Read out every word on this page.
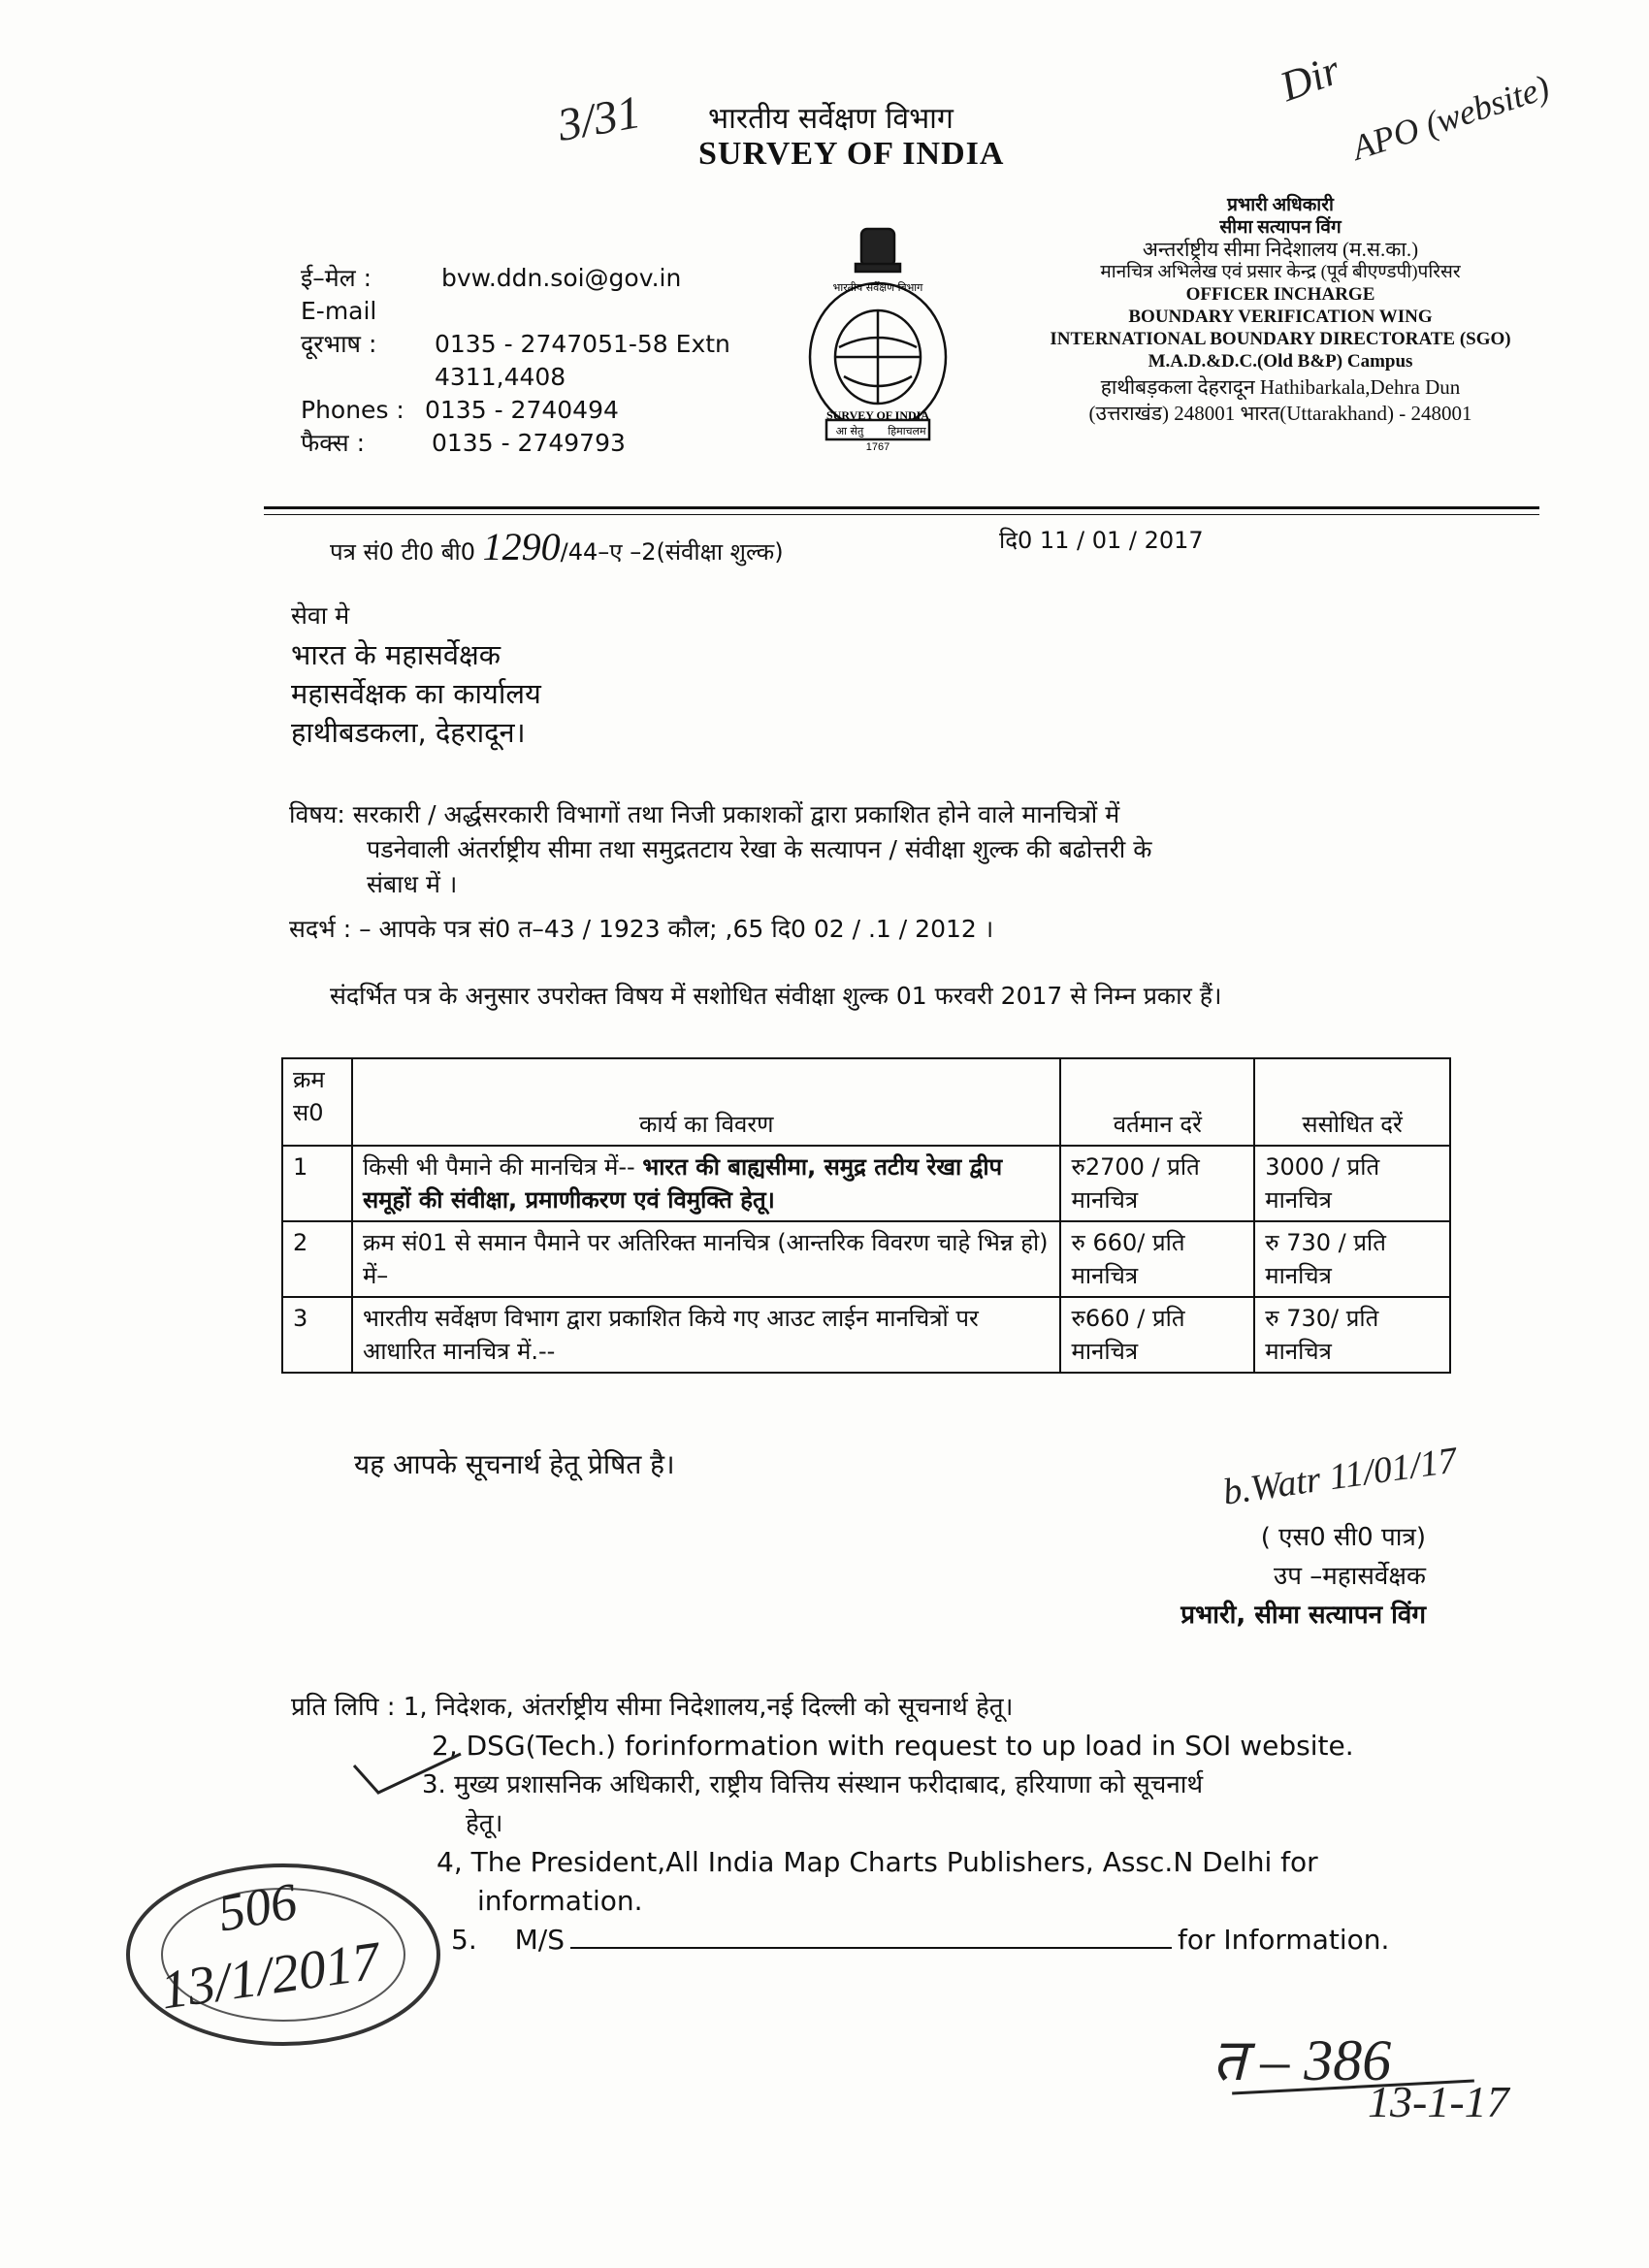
भारतीय सर्वेक्षण विभाग
SURVEY OF INDIA
भारतीय सर्वेक्षण विभाग
SURVEY OF INDIA
आ सेतु हिमाचलम
1767
ई–मेल :	bvw.ddn.soi@gov.in
E-mail
दूरभाष : 0135 - 2747051-58 Extn
4311,4408
Phones : 0135 - 2740494
फैक्स :	0135 - 2749793
प्रभारी अधिकारी
सीमा सत्यापन विंग
अन्तर्राष्ट्रीय सीमा निदेशालय (म.स.का.)
मानचित्र अभिलेख एवं प्रसार केन्द्र (पूर्व बीएण्डपी)परिसर
OFFICER INCHARGE
BOUNDARY VERIFICATION WING
INTERNATIONAL BOUNDARY DIRECTORATE (SGO)
M.A.D.&D.C.(Old B&P) Campus
हाथीबड़कला देहरादून Hathibarkala,Dehra Dun
(उत्तराखंड) 248001 भारत(Uttarakhand) - 248001
पत्र सं0 टी0 बी0 1290/44–ए –2(संवीक्षा शुल्क)	दि0 11 / 01 / 2017
सेवा मे
भारत के महासर्वेक्षक
महासर्वेक्षक का कार्यालय
हाथीबडकला, देहरादून।
विषय: सरकारी / अर्द्धसरकारी विभागों तथा निजी प्रकाशकों द्वारा प्रकाशित होने वाले मानचित्रों में
पडनेवाली अंतर्राष्ट्रीय सीमा तथा समुद्रतटाय रेखा के सत्यापन / संवीक्षा शुल्क की बढोत्तरी के
संबाध में ।
सदर्भ : – आपके पत्र सं0 त–43 / 1923 कौल; ,65 दि0 02 / .1 / 2012 ।
संदर्भित पत्र के अनुसार उपरोक्त विषय में सशोधित संवीक्षा शुल्क 01 फरवरी 2017 से निम्न प्रकार हैं।
क्रम स0	कार्य का विवरण	वर्तमान दरें	ससोधित दरें
1	किसी भी पैमाने की मानचित्र में-- भारत की बाह्यसीमा, समुद्र तटीय रेखा द्वीप समूहों की संवीक्षा, प्रमाणीकरण एवं विमुक्ति हेतू।	रु2700 / प्रति मानचित्र	3000 / प्रति मानचित्र
2	क्रम सं01 से समान पैमाने पर अतिरिक्त मानचित्र (आन्तरिक विवरण चाहे भिन्न हो) में–	रु 660/ प्रति मानचित्र	रु 730 / प्रति मानचित्र
3	भारतीय सर्वेक्षण विभाग द्वारा प्रकाशित किये गए आउट लाईन मानचित्रों पर आधारित मानचित्र में.--	रु660 / प्रति मानचित्र	रु 730/ प्रति मानचित्र
यह आपके सूचनार्थ हेतू प्रेषित है।	b.Watr 11/01/17
( एस0 सी0 पात्र)
उप –महासर्वेक्षक
प्रभारी, सीमा सत्यापन विंग
प्रति लिपि : 1, निदेशक, अंतर्राष्ट्रीय सीमा निदेशालय,नई दिल्ली को सूचनार्थ हेतू।
2, DSG(Tech.) forinformation with request to up load in SOI website.
3. मुख्य प्रशासनिक अधिकारी, राष्ट्रीय वित्तिय संस्थान फरीदाबाद, हरियाणा को सूचनार्थ
हेतू।
4, The President,All India Map Charts Publishers, Assc.N Delhi for
information.
5. M/S	for Information.
3/31
Dir APO (website)
506
13/1/2017
त – 386
13-1-17
